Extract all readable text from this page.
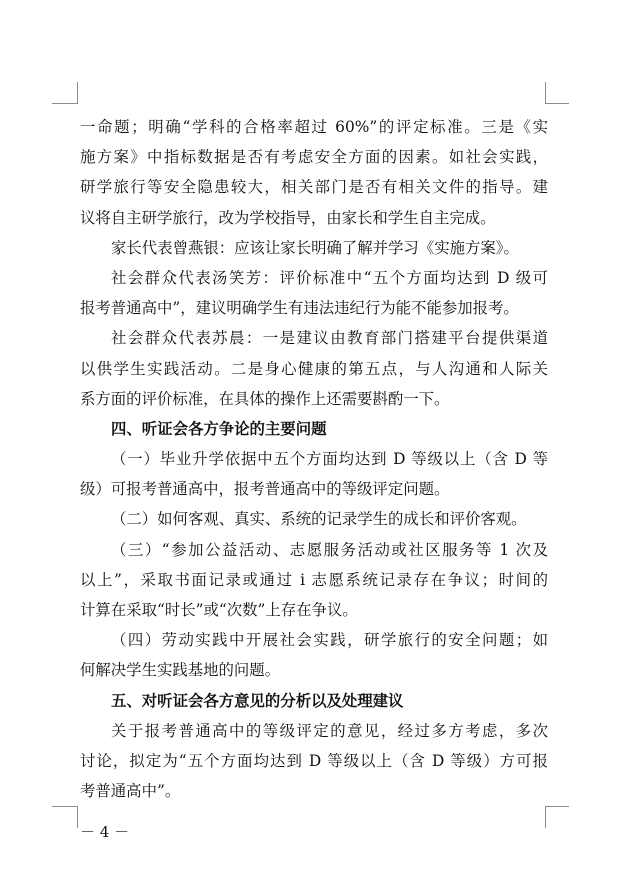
一命题；明确“学科的合格率超过 60%”的评定标准。三是《实
施方案》中指标数据是否有考虑安全方面的因素。如社会实践，
研学旅行等安全隐患较大，相关部门是否有相关文件的指导。建
议将自主研学旅行，改为学校指导，由家长和学生自主完成。
家长代表曾燕银：应该让家长明确了解并学习《实施方案》。
社会群众代表汤笑芳：评价标准中“五个方面均达到 D 级可
报考普通高中”，建议明确学生有违法违纪行为能不能参加报考。
社会群众代表苏晨：一是建议由教育部门搭建平台提供渠道
以供学生实践活动。二是身心健康的第五点，与人沟通和人际关
系方面的评价标准，在具体的操作上还需要斟酌一下。
四、听证会各方争论的主要问题
（一）毕业升学依据中五个方面均达到 D 等级以上（含 D 等
级）可报考普通高中，报考普通高中的等级评定问题。
（二）如何客观、真实、系统的记录学生的成长和评价客观。
（三）“参加公益活动、志愿服务活动或社区服务等 1 次及
以上”，采取书面记录或通过 i 志愿系统记录存在争议；时间的
计算在采取“时长”或“次数”上存在争议。
（四）劳动实践中开展社会实践，研学旅行的安全问题；如
何解决学生实践基地的问题。
五、对听证会各方意见的分析以及处理建议
关于报考普通高中的等级评定的意见，经过多方考虑，多次
讨论，拟定为“五个方面均达到 D 等级以上（含 D 等级）方可报
考普通高中”。
－ 4 －
